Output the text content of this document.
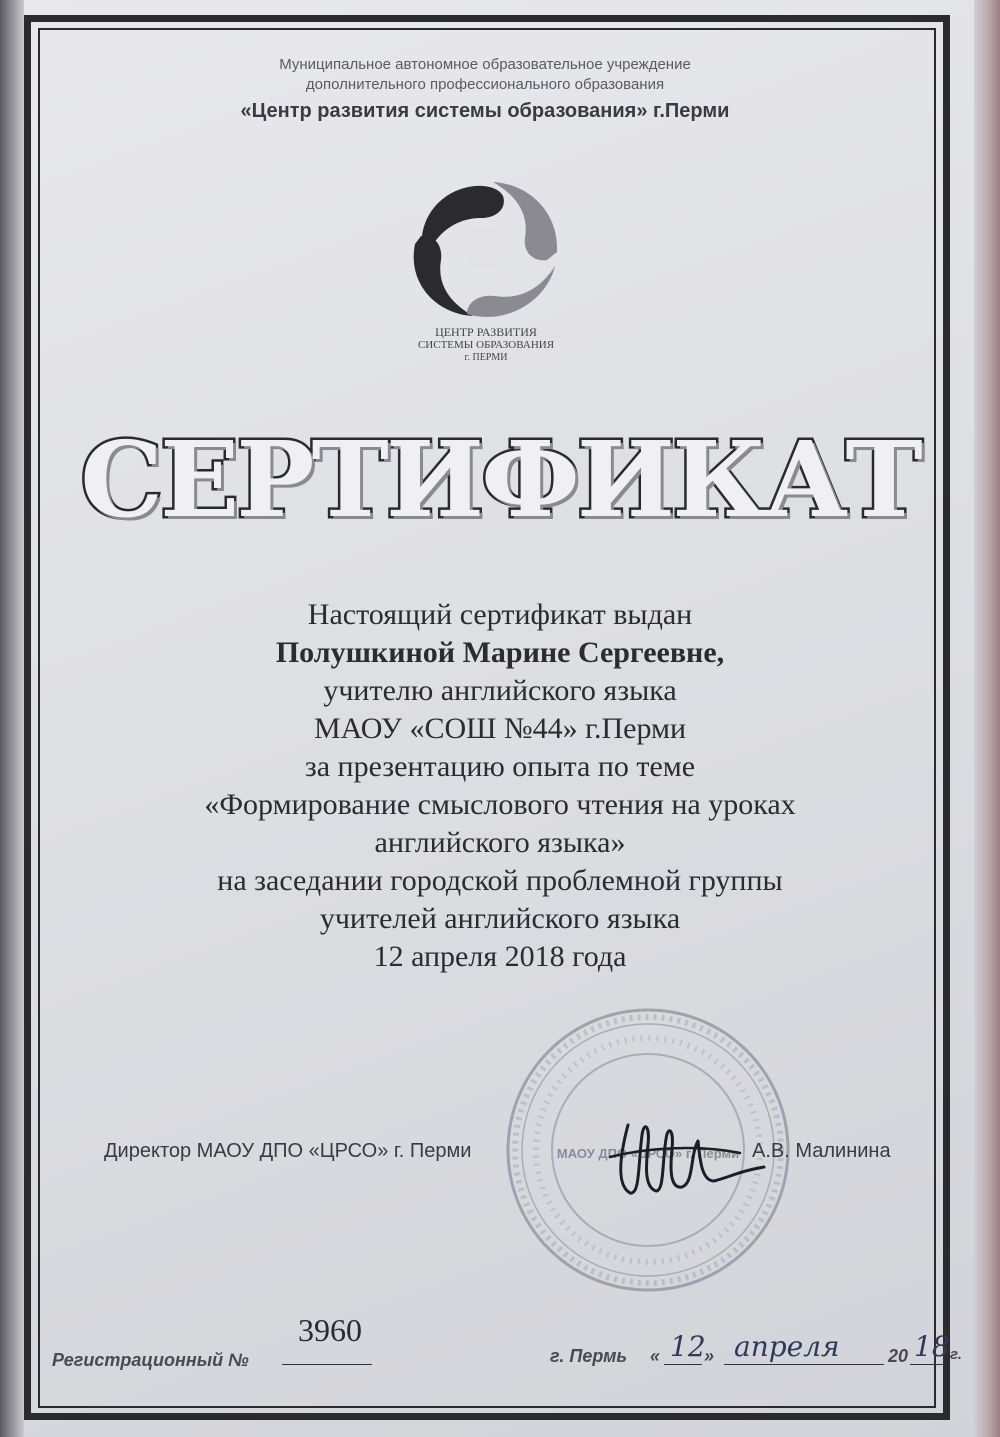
Муниципальное автономное образовательное учреждение
дополнительного профессионального образования
«Центр развития системы образования» г.Перми
ЦЕНТР РАЗВИТИЯ
СИСТЕМЫ ОБРАЗОВАНИЯ
г. ПЕРМИ
СЕРТИФИКАТ
Настоящий сертификат выдан
Полушкиной Марине Сергеевне,
учителю английского языка
МАОУ «СОШ №44» г.Перми
за презентацию опыта по теме
«Формирование смыслового чтения на уроках
английского языка»
на заседании городской проблемной группы
учителей английского языка
12 апреля 2018 года
МАОУ ДПО «ЦРСО» г. Перми
Директор МАОУ ДПО «ЦРСО» г. Перми	А.В. Малинина
Регистрационный №
3960
г. Пермь « 12
» апреля	20 18 г.
